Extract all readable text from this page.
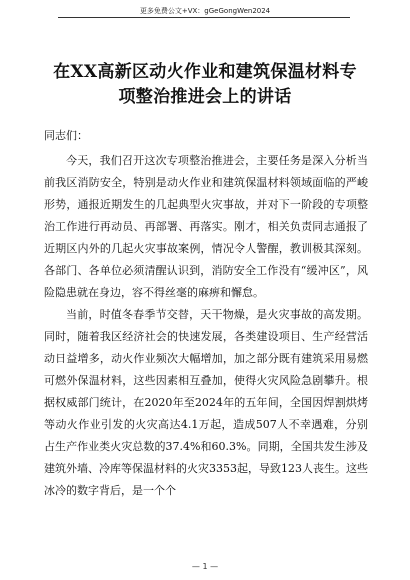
更多免费公文+VX：gGeGongWen2024
在XX高新区动火作业和建筑保温材料专项整治推进会上的讲话
同志们：

今天，我们召开这次专项整治推进会，主要任务是深入分析当前我区消防安全，特别是动火作业和建筑保温材料领域面临的严峻形势，通报近期发生的几起典型火灾事故，并对下一阶段的专项整治工作进行再动员、再部署、再落实。刚才，相关负责同志通报了近期区内外的几起火灾事故案例，情况令人警醒，教训极其深刻。各部门、各单位必须清醒认识到，消防安全工作没有“缓冲区”，风险隐患就在身边，容不得丝毫的麻痹和懈怠。

当前，时值冬春季节交替，天干物燥，是火灾事故的高发期。同时，随着我区经济社会的快速发展，各类建设项目、生产经营活动日益增多，动火作业频次大幅增加，加之部分既有建筑采用易燃可燃外保温材料，这些因素相互叠加，使得火灾风险急剧攀升。根据权威部门统计，在2020年至2024年的五年间，全国因焊割烘烤等动火作业引发的火灾高达4.1万起，造成507人不幸遇难，分别占生产作业类火灾总数的37.4%和60.3%。同期，全国共发生涉及建筑外墙、冷库等保温材料的火灾3353起，导致123人丧生。这些冰冷的数字背后，是一个个

— 1 —
